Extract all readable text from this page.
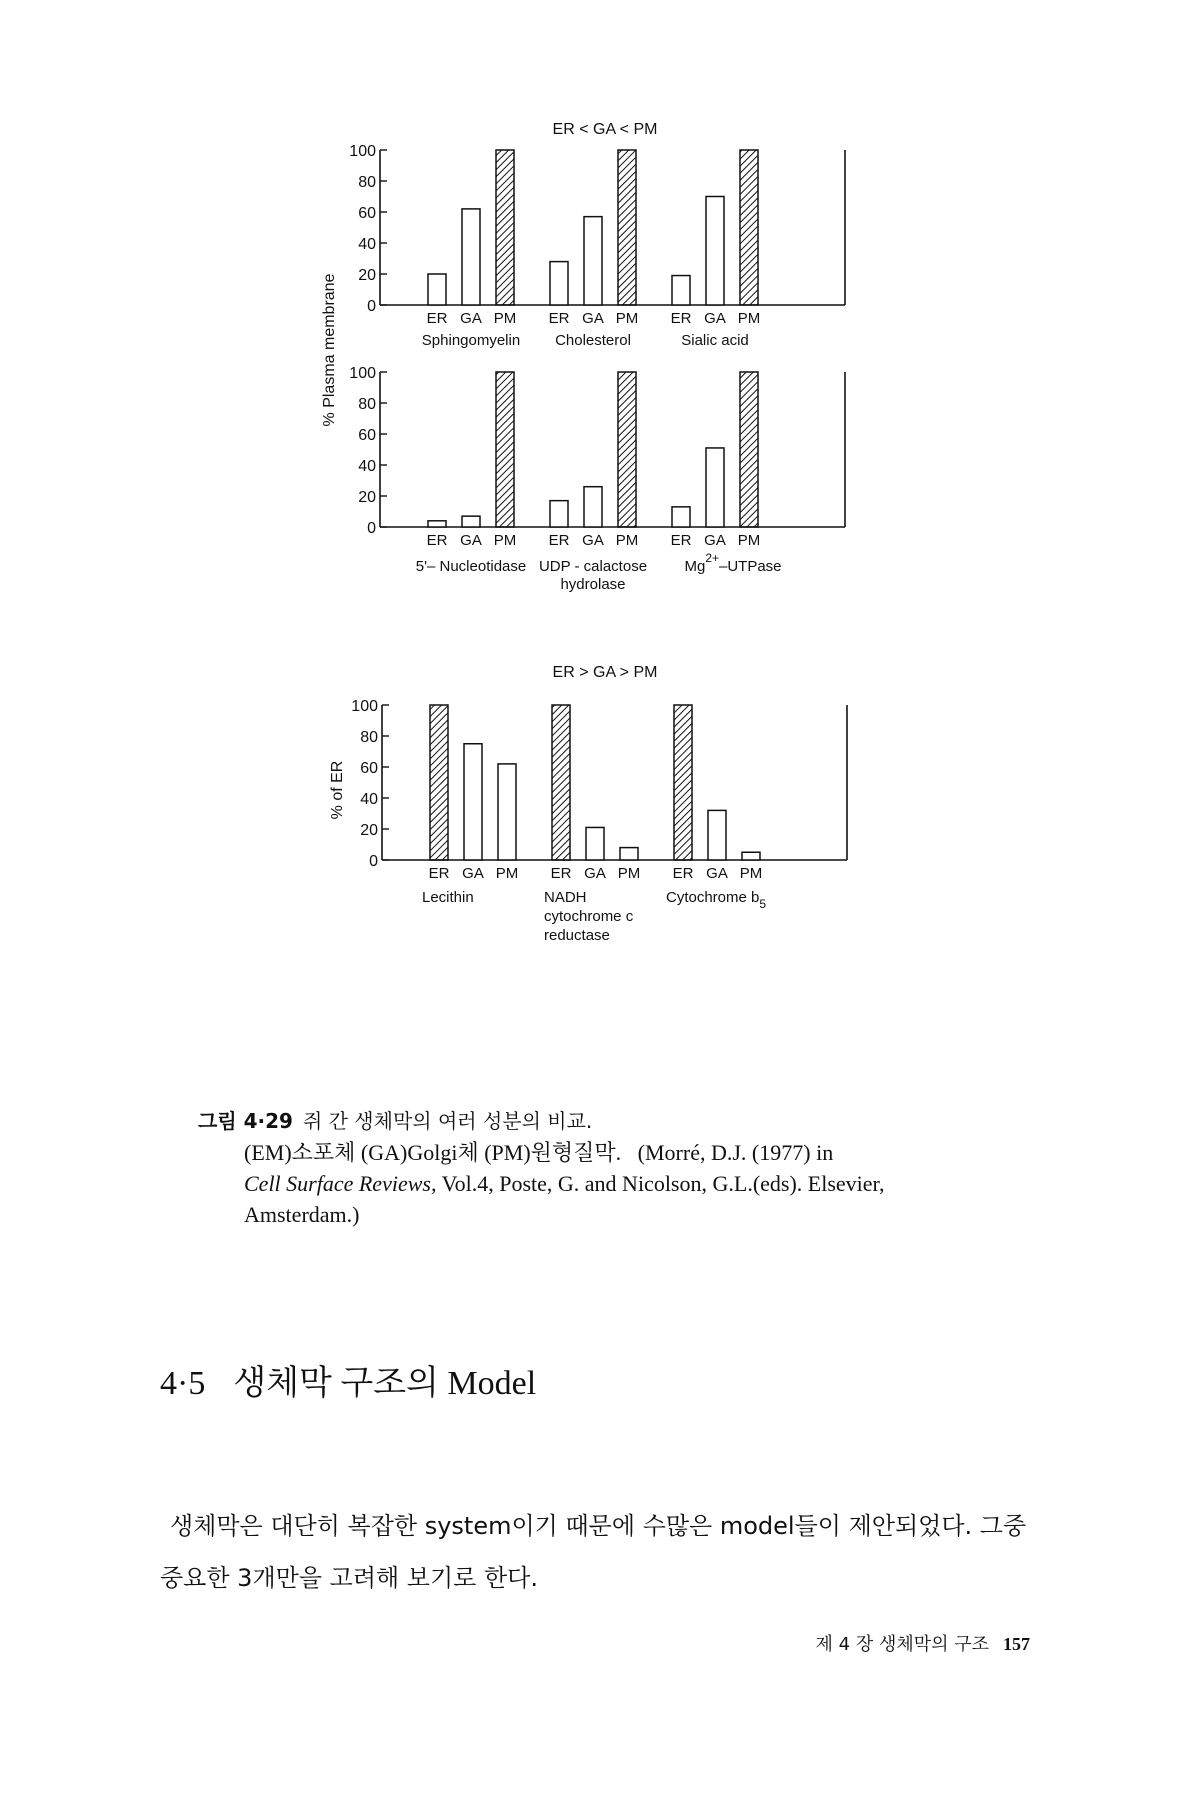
ER < GA < PM
100
80
60
40
20
0
ER GA PM
Sphingomyelin
ER GA PM
Cholesterol
ER GA PM
Sialic acid
100
80
60
40
20
0
ER GA PM
5'– Nucleotidase
ER GA PM
UDP - calactose
hydrolase
ER GA PM
$Mg^{2+}$–UTPase
ER > GA > PM
100
80
60
40
20
0
ER GA PM
Lecithin
ER GA PM
NADH
cytochrome c
reductase
ER GA PM
Cytochrome $b_5$
% Plasma membrane
% of ER
그림 4·29 쥐 간 생체막의 여러 성분의 비교.
(EM)소포체 (GA)Golgi체 (PM)원형질막. (Morré, D.J. (1977) in
Cell Surface Reviews, Vol.4, Poste, G. and Nicolson, G.L.(eds). Elsevier,
Amsterdam.)
4·5 생체막 구조의 Model
생체막은 대단히 복잡한 system이기 때문에 수많은 model들이 제안되었다. 그중 중요한 3개만을 고려해 보기로 한다.
제 4 장 생체막의 구조 157
